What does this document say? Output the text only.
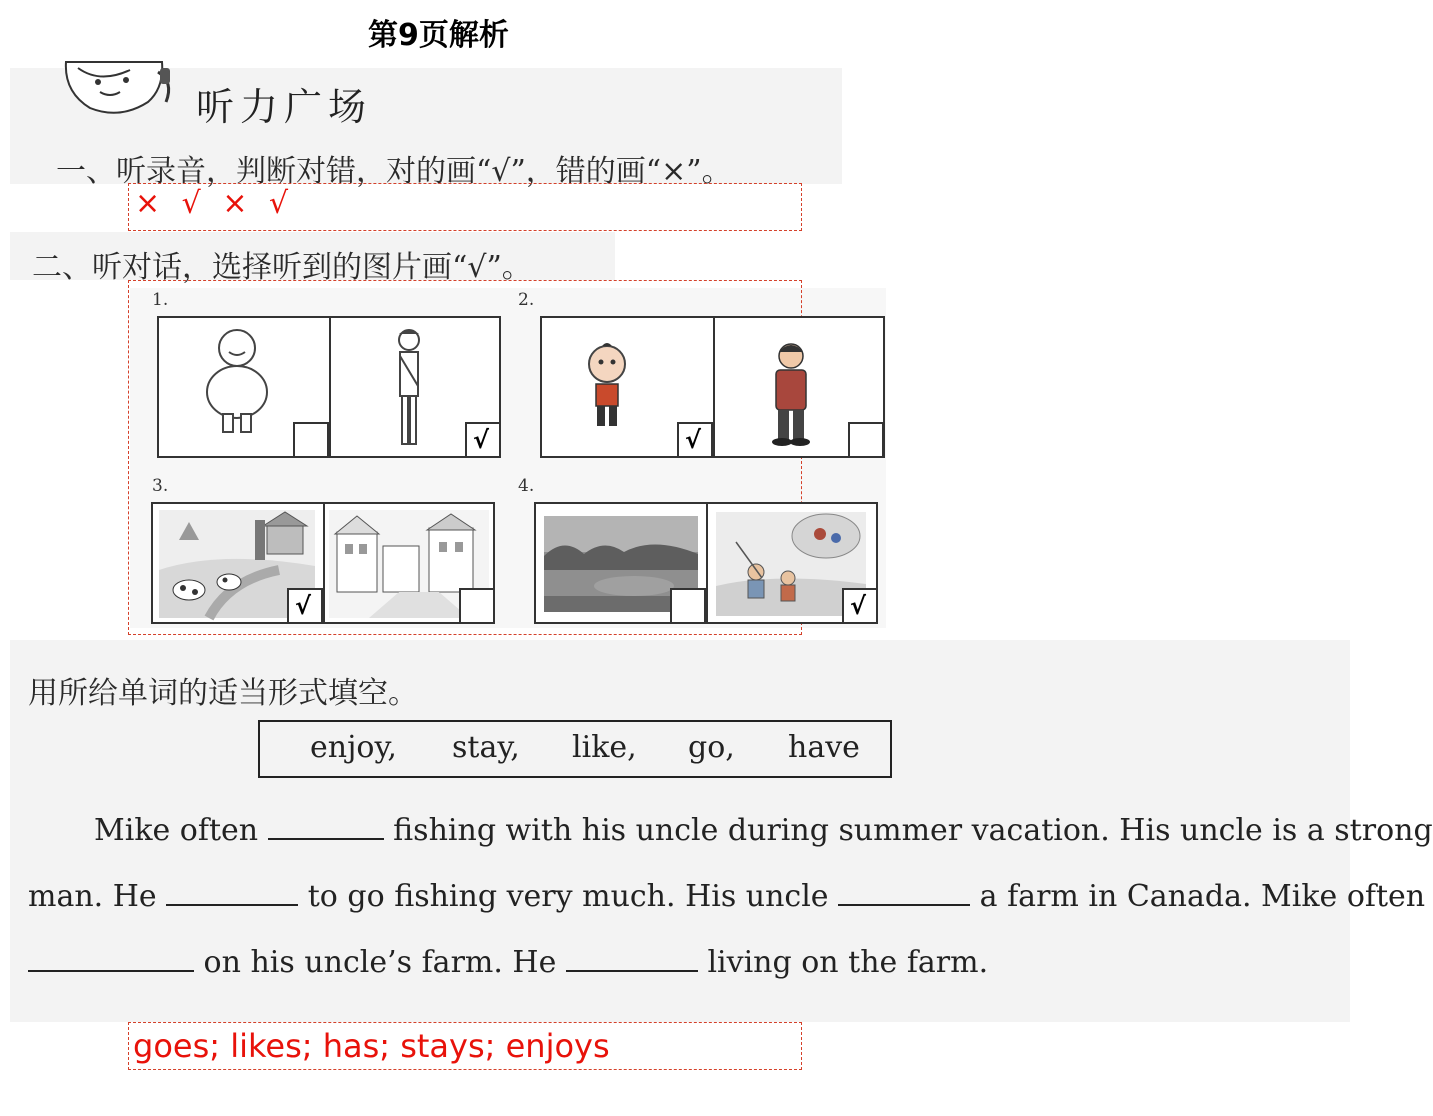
第9页解析
听力广场
一、听录音，判断对错，对的画“√”，错的画“×”。
× √ × √
二、听对话，选择听到的图片画“√”。
1.
√
2.
√
3.
√
4.
√
用所给单词的适当形式填空。
enjoy, stay, like, go, have
Mike often	fishing with his uncle during summer vacation. His uncle is a strong
man. He	to go fishing very much. His uncle	a farm in Canada. Mike often
on his uncle’s farm. He	living on the farm.
goes; likes; has; stays; enjoys
